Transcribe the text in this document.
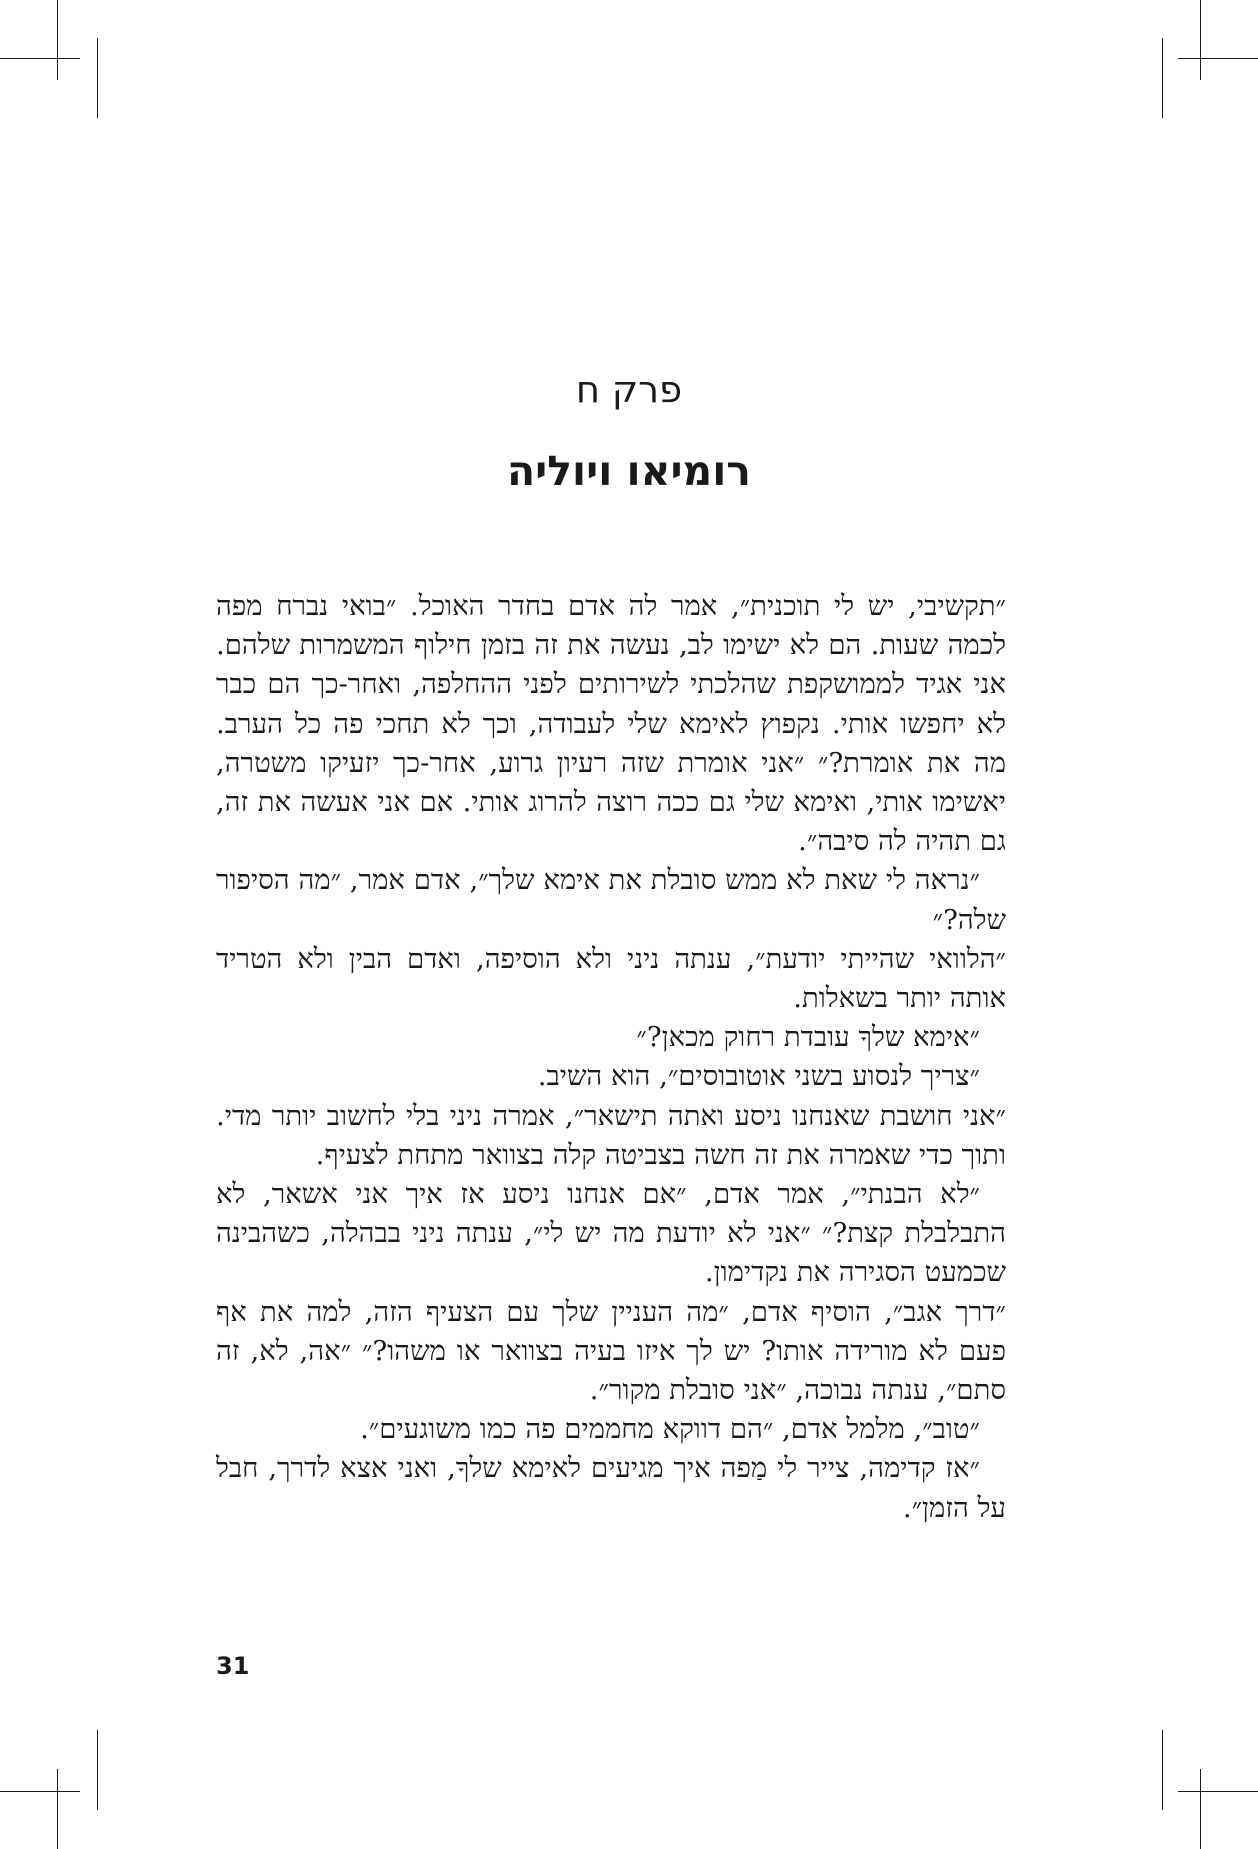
פרק ח
רומיאו ויוליה

״תקשיבי, יש לי תוכנית״, אמר לה אדם בחדר האוכל. ״בואי נברח מפה לכמה שעות. הם לא ישימו לב, נעשה את זה בזמן חילוף המשמרות שלהם. אני אגיד לממושקפת שהלכתי לשירותים לפני ההחלפה, ואחר-כך הם כבר לא יחפשו אותי. נקפוץ לאימא שלי לעבודה, וכך לא תחכי פה כל הערב. מה את אומרת?״ ״אני אומרת שזה רעיון גרוע, אחר-כך יזעיקו משטרה, יאשימו אותי, ואימא שלי גם ככה רוצה להרוג אותי. אם אני אעשה את זה, גם תהיה לה סיבה״.

״נראה לי שאת לא ממש סובלת את אימא שלך״, אדם אמר, ״מה הסיפור שלה?״

״הלוואי שהייתי יודעת״, ענתה ניני ולא הוסיפה, ואדם הבין ולא הטריד אותה יותר בשאלות.

״אימא שלךָ עובדת רחוק מכאן?״

״צריך לנסוע בשני אוטובוסים״, הוא השיב.

״אני חושבת שאנחנו ניסע ואתה תישאר״, אמרה ניני בלי לחשוב יותר מדי. ותוך כדי שאמרה את זה חשה בצביטה קלה בצוואר מתחת לצעיף.

״לא הבנתי״, אמר אדם, ״אם אנחנו ניסע אז איך אני אשאר, לא התבלבלת קצת?״ ״אני לא יודעת מה יש לי״, ענתה ניני בבהלה, כשהבינה שכמעט הסגירה את נקדימון.

״דרך אגב״, הוסיף אדם, ״מה העניין שלך עם הצעיף הזה, למה את אף פעם לא מורידה אותו? יש לך איזו בעיה בצוואר או משהו?״ ״אה, לא, זה סתם״, ענתה נבוכה, ״אני סובלת מקור״.

״טוב״, מלמל אדם, ״הם דווקא מחממים פה כמו משוגעים״.

״אז קדימה, צייר לי מַפה איך מגיעים לאימא שלךָ, ואני אצא לדרך, חבל על הזמן״.

31
